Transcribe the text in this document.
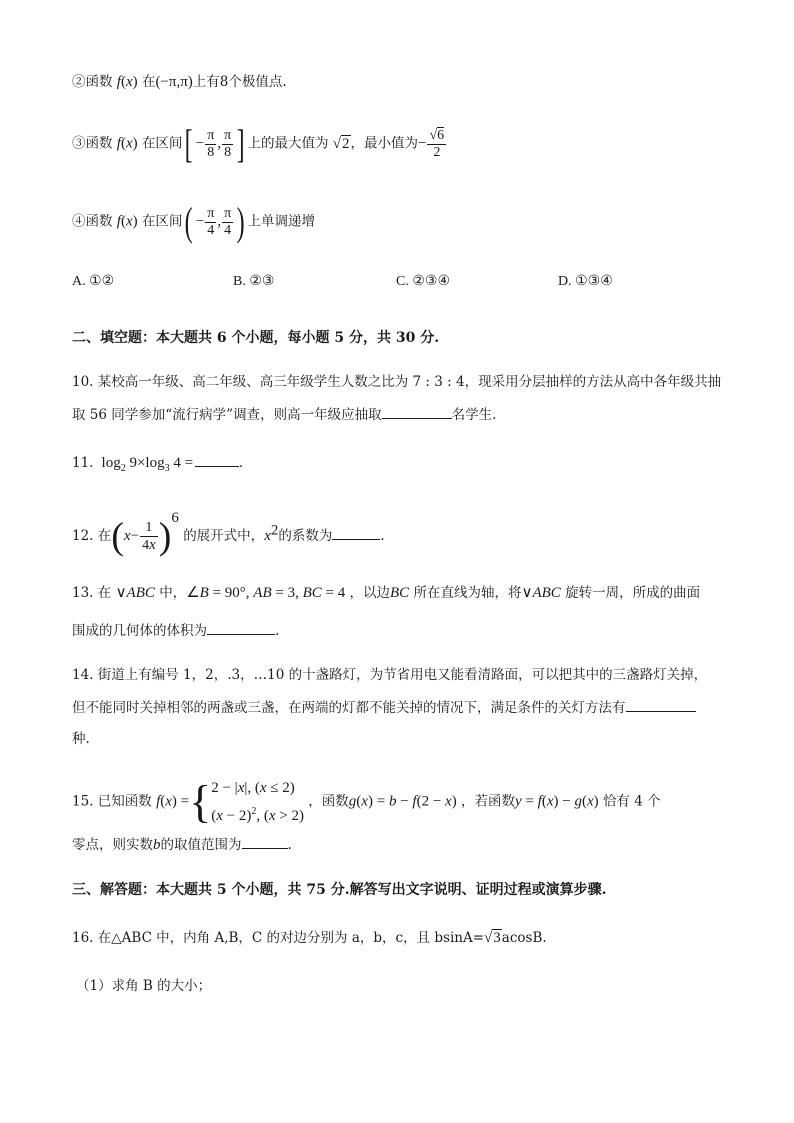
②函数 f(x) 在(−π,π)上有8个极值点.
③函数 f(x) 在区间[ − $\frac{\pi}{8}$ , $\frac{\pi}{8}$ ] 上的最大值为 √2，最小值为− $\frac{√6}{2}$
④函数 f(x) 在区间( − $\frac{\pi}{4}$ , $\frac{\pi}{4}$ ) 上单调递增
A. ①②	B. ②③	C. ②③④	D. ①③④
二、填空题：本大题共 6 个小题，每小题 5 分，共 30 分.
10. 某校高一年级、高二年级、高三年级学生人数之比为 7 : 3 : 4，现采用分层抽样的方法从高中各年级共抽
取 56 同学参加“流行病学”调查，则高一年级应抽取	名学生.
11.  $\log_2 9\times\log_3$ 4 =	.
12. 在$(x- \frac{1}{4x} )^6$ 的展开式中，$x^2$的系数为	.
13. 在 ∨ABC 中，∠B = 90°, AB = 3, BC = 4 ，以边BC 所在直线为轴，将∨ABC 旋转一周，所成的曲面
围成的几何体的体积为	.
14. 街道上有编号 1，2，.3，…10 的十盏路灯，为节省用电又能看清路面，可以把其中的三盏路灯关掉，
但不能同时关掉相邻的两盏或三盏，在两端的灯都不能关掉的情况下，满足条件的关灯方法有
种.
15. 已知函数 f(x) ={ 2 − |x|, (x ≤ 2)
$(x - 2)^2$, (x > 2)
，函数g(x) = b − f(2 − x) ，若函数y = f(x) − g(x) 恰有 4 个
零点，则实数b的取值范围为	.
三、解答题：本大题共 5 个小题，共 75 分.解答写出文字说明、证明过程或演算步骤.
16. 在△ABC 中，内角 A,B，C 的对边分别为 a，b，c，且 bsinA=√3acosB.
（1）求角 B 的大小；
